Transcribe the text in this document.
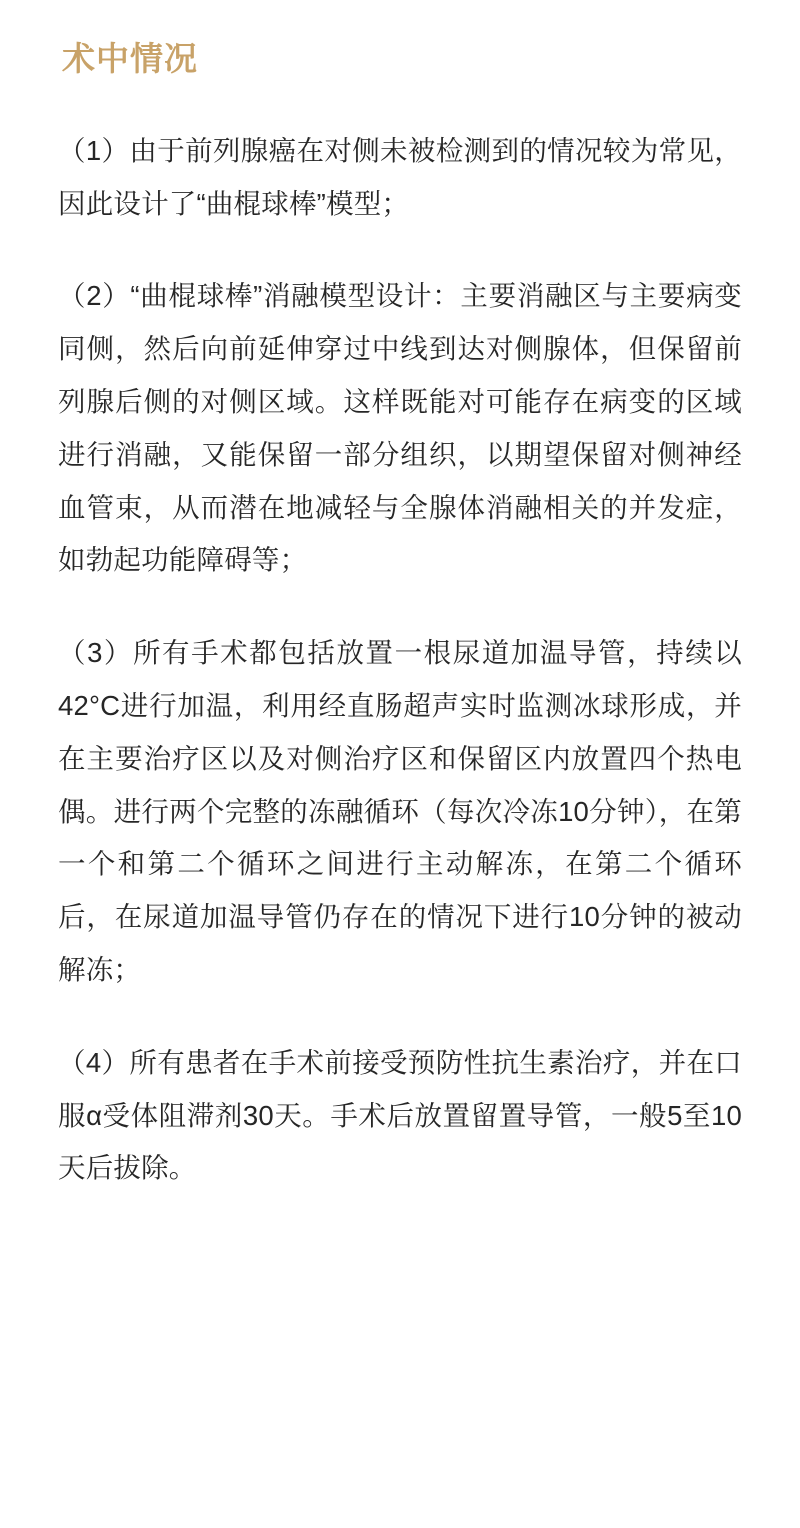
术中情况

（1）由于前列腺癌在对侧未被检测到的情况较为常见，因此设计了“曲棍球棒”模型；

（2）“曲棍球棒”消融模型设计：主要消融区与主要病变同侧，然后向前延伸穿过中线到达对侧腺体，但保留前列腺后侧的对侧区域。这样既能对可能存在病变的区域进行消融，又能保留一部分组织，以期望保留对侧神经血管束，从而潜在地减轻与全腺体消融相关的并发症，如勃起功能障碍等；

（3）所有手术都包括放置一根尿道加温导管，持续以42°C进行加温，利用经直肠超声实时监测冰球形成，并在主要治疗区以及对侧治疗区和保留区内放置四个热电偶。进行两个完整的冻融循环（每次冷冻10分钟），在第一个和第二个循环之间进行主动解冻，在第二个循环后，在尿道加温导管仍存在的情况下进行10分钟的被动解冻；

（4）所有患者在手术前接受预防性抗生素治疗，并在口服α受体阻滞剂30天。手术后放置留置导管，一般5至10天后拔除。
